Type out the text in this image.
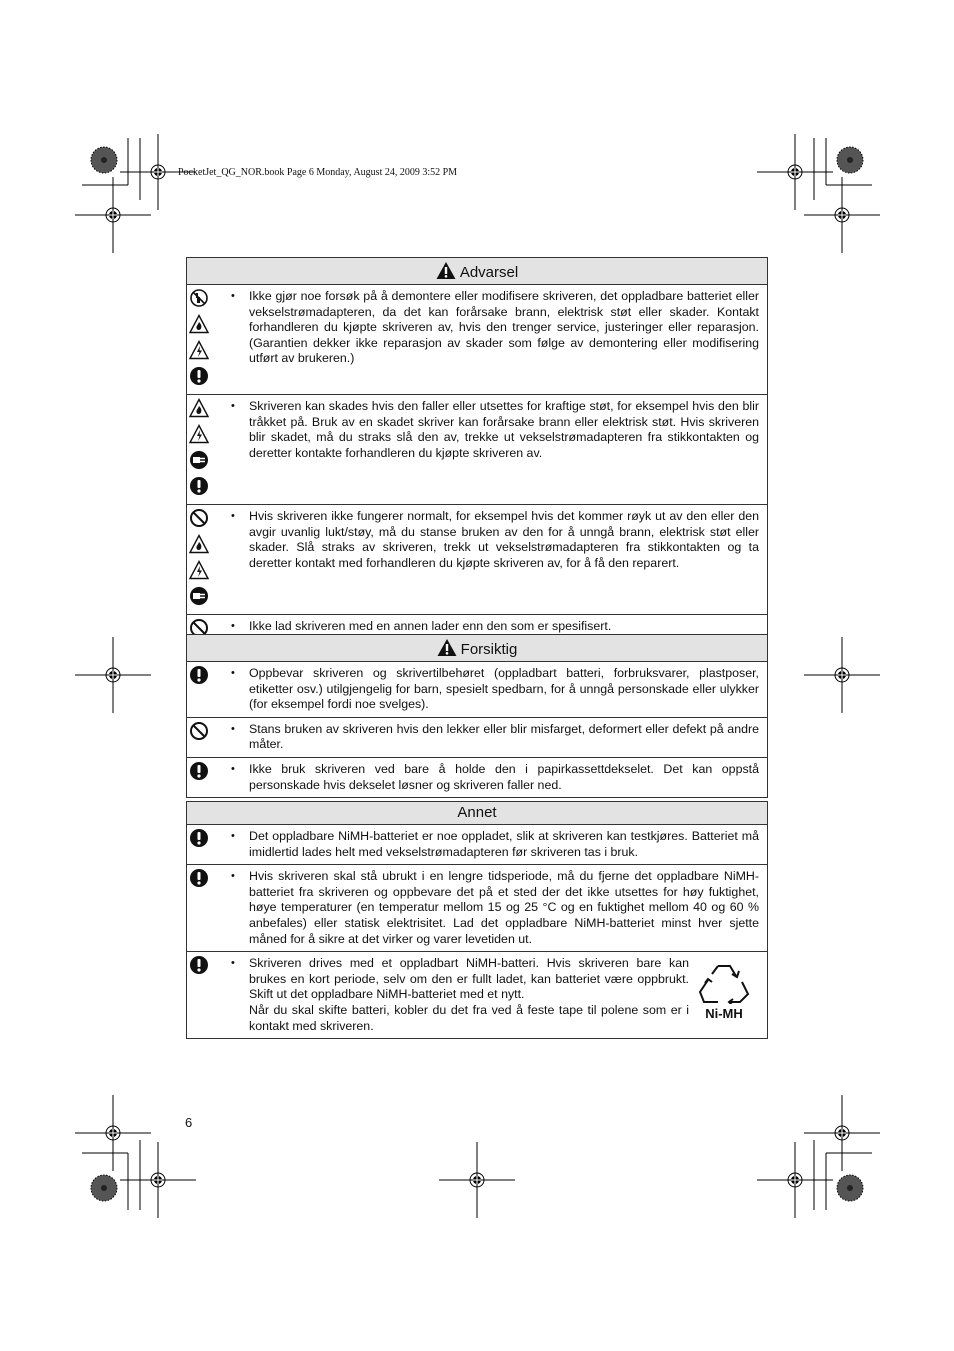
PocketJet_QG_NOR.book Page 6 Monday, August 24, 2009 3:52 PM
Advarsel	

• Ikke gjør noe forsøk på å demontere eller modifisere skriveren, det oppladbare batteriet eller vekselstrømadapteren, da det kan forårsake brann, elektrisk støt eller skader. Kontakt forhandleren du kjøpte skriveren av, hvis den trenger service, justeringer eller reparasjon. (Garantien dekker ikke reparasjon av skader som følge av demontering eller modifisering utført av brukeren.)

• Skriveren kan skades hvis den faller eller utsettes for kraftige støt, for eksempel hvis den blir tråkket på. Bruk av en skadet skriver kan forårsake brann eller elektrisk støt. Hvis skriveren blir skadet, må du straks slå den av, trekke ut vekselstrømadapteren fra stikkontakten og deretter kontakte forhandleren du kjøpte skriveren av.

• Hvis skriveren ikke fungerer normalt, for eksempel hvis det kommer røyk ut av den eller den avgir uvanlig lukt/støy, må du stanse bruken av den for å unngå brann, elektrisk støt eller skader. Slå straks av skriveren, trekk ut vekselstrømadapteren fra stikkontakten og ta deretter kontakt med forhandleren du kjøpte skriveren av, for å få den reparert.

• Ikke lad skriveren med en annen lader enn den som er spesifisert.
Forsiktig	

• Oppbevar skriveren og skrivertilbehøret (oppladbart batteri, forbruksvarer, plastposer, etiketter osv.) utilgjengelig for barn, spesielt spedbarn, for å unngå personskade eller ulykker (for eksempel fordi noe svelges).

• Stans bruken av skriveren hvis den lekker eller blir misfarget, deformert eller defekt på andre måter.

• Ikke bruk skriveren ved bare å holde den i papirkassettdekselet. Det kan oppstå personskade hvis dekselet løsner og skriveren faller ned.
Annet	

• Det oppladbare NiMH-batteriet er noe oppladet, slik at skriveren kan testkjøres. Batteriet må imidlertid lades helt med vekselstrømadapteren før skriveren tas i bruk.

• Hvis skriveren skal stå ubrukt i en lengre tidsperiode, må du fjerne det oppladbare NiMH-batteriet fra skriveren og oppbevare det på et sted der det ikke utsettes for høy fuktighet, høye temperaturer (en temperatur mellom 15 og 25 °C og en fuktighet mellom 40 og 60 % anbefales) eller statisk elektrisitet. Lad det oppladbare NiMH-batteriet minst hver sjette måned for å sikre at det virker og varer levetiden ut.

• Skriveren drives med et oppladbart NiMH-batteri. Hvis skriveren bare kan brukes en kort periode, selv om den er fullt ladet, kan batteriet være oppbrukt. Skift ut det oppladbare NiMH-batteriet med et nytt.

Når du skal skifte batteri, kobler du det fra ved å feste tape til polene som er i kontakt med skriveren.

Ni-MH
6
